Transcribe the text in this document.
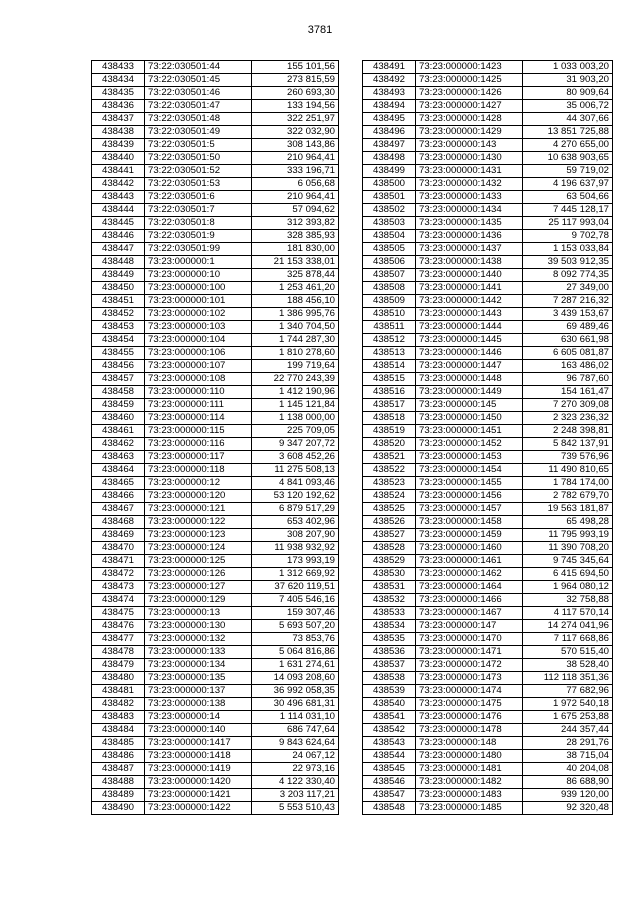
3781
438433	73:22:030501:44	155 101,56
438434	73:22:030501:45	273 815,59
438435	73:22:030501:46	260 693,30
438436	73:22:030501:47	133 194,56
438437	73:22:030501:48	322 251,97
438438	73:22:030501:49	322 032,90
438439	73:22:030501:5	308 143,86
438440	73:22:030501:50	210 964,41
438441	73:22:030501:52	333 196,71
438442	73:22:030501:53	6 056,68
438443	73:22:030501:6	210 964,41
438444	73:22:030501:7	57 094,62
438445	73:22:030501:8	312 393,82
438446	73:22:030501:9	328 385,93
438447	73:22:030501:99	181 830,00
438448	73:23:000000:1	21 153 338,01
438449	73:23:000000:10	325 878,44
438450	73:23:000000:100	1 253 461,20
438451	73:23:000000:101	188 456,10
438452	73:23:000000:102	1 386 995,76
438453	73:23:000000:103	1 340 704,50
438454	73:23:000000:104	1 744 287,30
438455	73:23:000000:106	1 810 278,60
438456	73:23:000000:107	199 719,64
438457	73:23:000000:108	22 770 243,39
438458	73:23:000000:110	1 412 190,96
438459	73:23:000000:111	1 145 121,84
438460	73:23:000000:114	1 138 000,00
438461	73:23:000000:115	225 709,05
438462	73:23:000000:116	9 347 207,72
438463	73:23:000000:117	3 608 452,26
438464	73:23:000000:118	11 275 508,13
438465	73:23:000000:12	4 841 093,46
438466	73:23:000000:120	53 120 192,62
438467	73:23:000000:121	6 879 517,29
438468	73:23:000000:122	653 402,96
438469	73:23:000000:123	308 207,90
438470	73:23:000000:124	11 938 932,92
438471	73:23:000000:125	173 993,19
438472	73:23:000000:126	1 312 669,92
438473	73:23:000000:127	37 620 119,51
438474	73:23:000000:129	7 405 546,16
438475	73:23:000000:13	159 307,46
438476	73:23:000000:130	5 693 507,20
438477	73:23:000000:132	73 853,76
438478	73:23:000000:133	5 064 816,86
438479	73:23:000000:134	1 631 274,61
438480	73:23:000000:135	14 093 208,60
438481	73:23:000000:137	36 992 058,35
438482	73:23:000000:138	30 496 681,31
438483	73:23:000000:14	1 114 031,10
438484	73:23:000000:140	686 747,64
438485	73:23:000000:1417	9 843 624,64
438486	73:23:000000:1418	24 067,12
438487	73:23:000000:1419	22 973,16
438488	73:23:000000:1420	4 122 330,40
438489	73:23:000000:1421	3 203 117,21
438490	73:23:000000:1422	5 553 510,43
438491	73:23:000000:1423	1 033 003,20
438492	73:23:000000:1425	31 903,20
438493	73:23:000000:1426	80 909,64
438494	73:23:000000:1427	35 006,72
438495	73:23:000000:1428	44 307,66
438496	73:23:000000:1429	13 851 725,88
438497	73:23:000000:143	4 270 655,00
438498	73:23:000000:1430	10 638 903,65
438499	73:23:000000:1431	59 719,02
438500	73:23:000000:1432	4 196 637,97
438501	73:23:000000:1433	63 504,66
438502	73:23:000000:1434	7 445 128,17
438503	73:23:000000:1435	25 117 993,04
438504	73:23:000000:1436	9 702,78
438505	73:23:000000:1437	1 153 033,84
438506	73:23:000000:1438	39 503 912,35
438507	73:23:000000:1440	8 092 774,35
438508	73:23:000000:1441	27 349,00
438509	73:23:000000:1442	7 287 216,32
438510	73:23:000000:1443	3 439 153,67
438511	73:23:000000:1444	69 489,46
438512	73:23:000000:1445	630 661,98
438513	73:23:000000:1446	6 605 081,87
438514	73:23:000000:1447	163 486,02
438515	73:23:000000:1448	96 787,60
438516	73:23:000000:1449	154 161,47
438517	73:23:000000:145	7 270 309,08
438518	73:23:000000:1450	2 323 236,32
438519	73:23:000000:1451	2 248 398,81
438520	73:23:000000:1452	5 842 137,91
438521	73:23:000000:1453	739 576,96
438522	73:23:000000:1454	11 490 810,65
438523	73:23:000000:1455	1 784 174,00
438524	73:23:000000:1456	2 782 679,70
438525	73:23:000000:1457	19 563 181,87
438526	73:23:000000:1458	65 498,28
438527	73:23:000000:1459	11 795 993,19
438528	73:23:000000:1460	11 390 708,20
438529	73:23:000000:1461	9 745 345,64
438530	73:23:000000:1462	6 415 694,50
438531	73:23:000000:1464	1 964 080,12
438532	73:23:000000:1466	32 758,88
438533	73:23:000000:1467	4 117 570,14
438534	73:23:000000:147	14 274 041,96
438535	73:23:000000:1470	7 117 668,86
438536	73:23:000000:1471	570 515,40
438537	73:23:000000:1472	38 528,40
438538	73:23:000000:1473	112 118 351,36
438539	73:23:000000:1474	77 682,96
438540	73:23:000000:1475	1 972 540,18
438541	73:23:000000:1476	1 675 253,88
438542	73:23:000000:1478	244 357,44
438543	73:23:000000:148	28 291,76
438544	73:23:000000:1480	38 715,04
438545	73:23:000000:1481	40 204,08
438546	73:23:000000:1482	86 688,90
438547	73:23:000000:1483	939 120,00
438548	73:23:000000:1485	92 320,48
